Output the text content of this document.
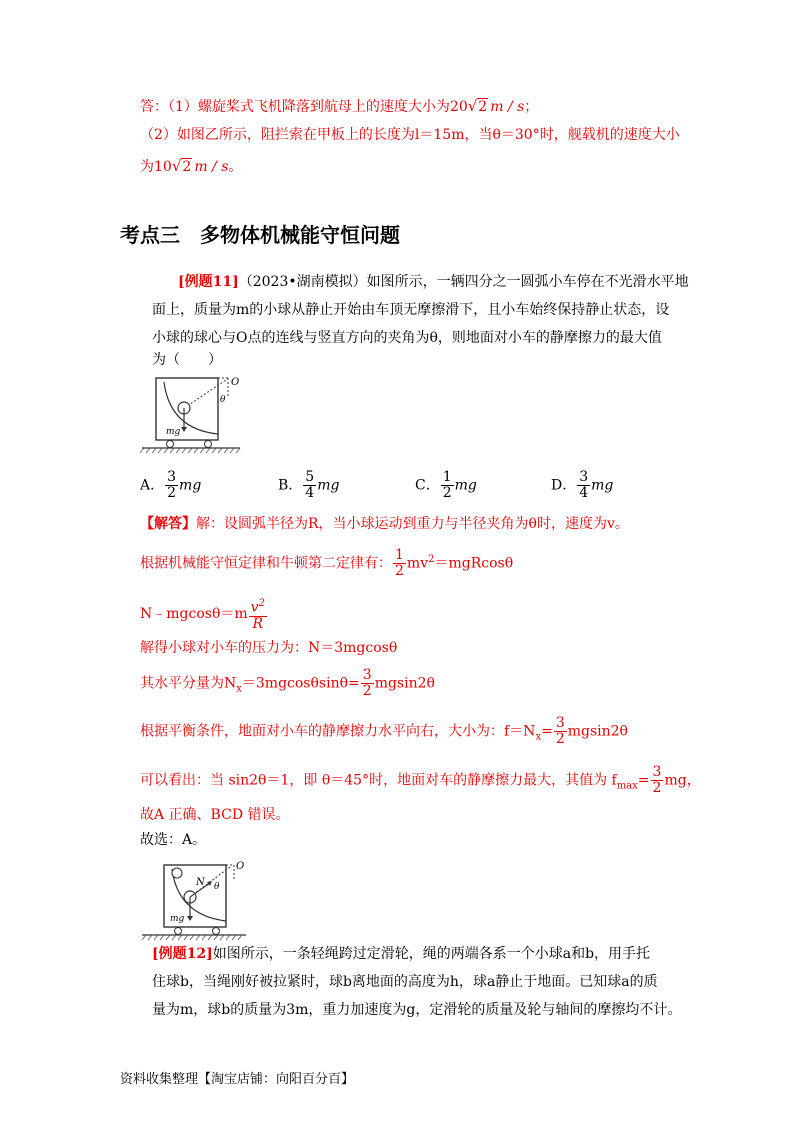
答：（1）螺旋桨式飞机降落到航母上的速度大小为20√2 m / s；
（2）如图乙所示，阻拦索在甲板上的长度为l＝15m，当θ＝30°时，舰载机的速度大小
为10√2 m / s。
考点三　多物体机械能守恒问题
[例题11]（2023•湖南模拟）如图所示，一辆四分之一圆弧小车停在不光滑水平地
面上，质量为m的小球从静止开始由车顶无摩擦滑下，且小车始终保持静止状态，设
小球的球心与O点的连线与竖直方向的夹角为θ，则地面对小车的静摩擦力的最大值
为（　　）
O
θ
mg
A． $\frac{3}{2}$ mg	B． $\frac{5}{4}$ mg	C． $\frac{1}{2}$ mg	D． $\frac{3}{4}$ mg
【解答】解：设圆弧半径为R，当小球运动到重力与半径夹角为θ时，速度为v。
根据机械能守恒定律和牛顿第二定律有： $\frac{1}{2} mv^2=mgRcos\theta$
N﹣mgcosθ＝m $\frac{v^2}{R}$
解得小球对小车的压力为：N＝3mgcosθ
其水平分量为$N_x=3mgcos\theta\sin\theta= \frac{3}{2} mgsin2\theta$
根据平衡条件，地面对小车的静摩擦力水平向右，大小为：$f=N_x= \frac{3}{2} mgsin2\theta$
可以看出：当 sin2θ＝1，即 θ＝45°时，地面对车的静摩擦力最大，其值为 $f_{max}= \frac{3}{2}$ mg，
故A 正确、BCD 错误。
故选：A。
O
N θ
mg
[例题12]如图所示，一条轻绳跨过定滑轮，绳的两端各系一个小球a和b，用手托
住球b，当绳刚好被拉紧时，球b离地面的高度为h，球a静止于地面。已知球a的质
量为m，球b的质量为3m，重力加速度为g，定滑轮的质量及轮与轴间的摩擦均不计。
资料收集整理【淘宝店铺：向阳百分百】
